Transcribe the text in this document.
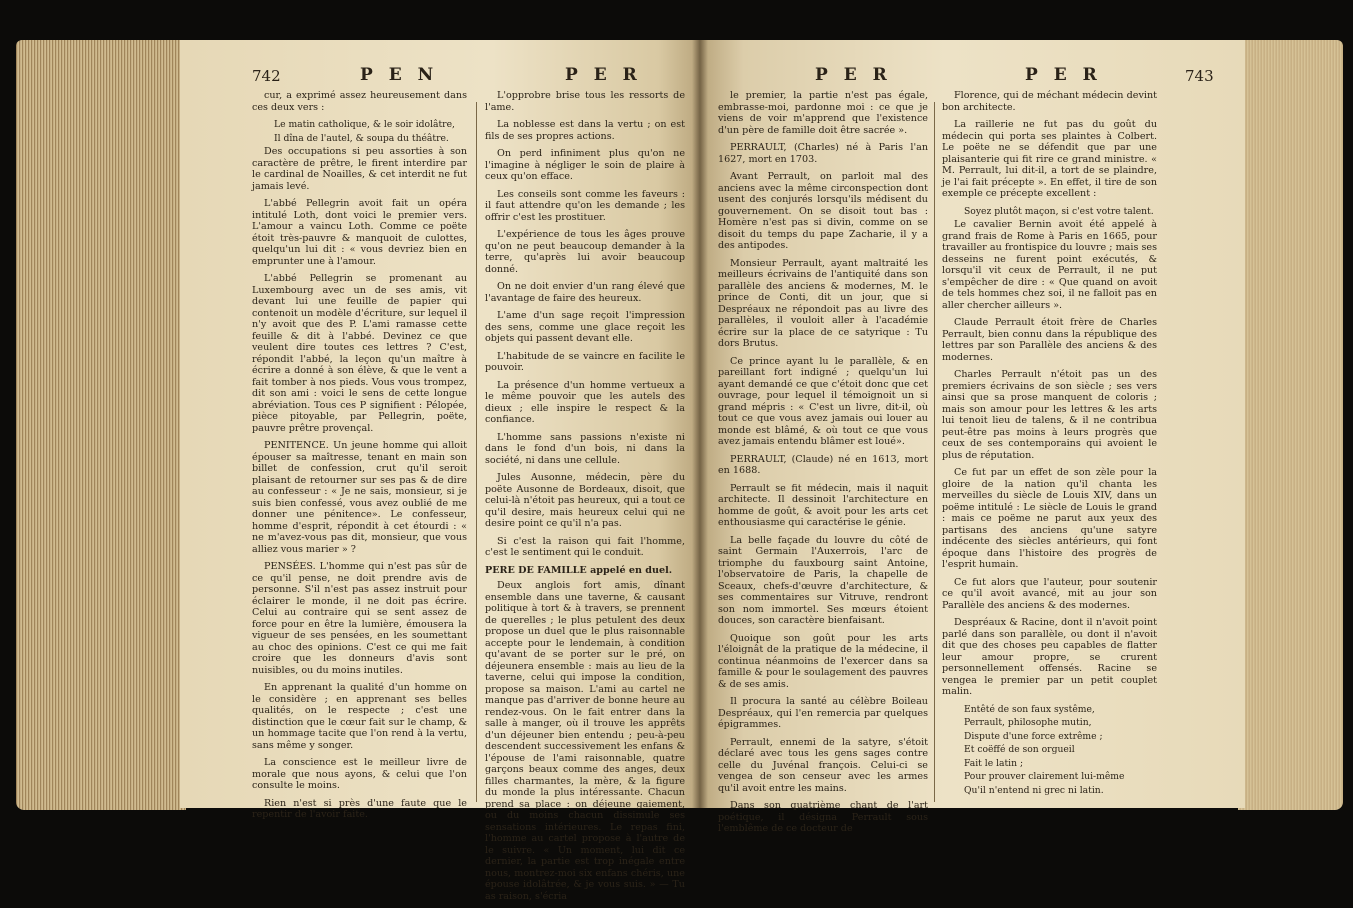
742	P E N	P E R

cur, a exprimé assez heureusement dans ces deux vers :

Le matin catholique, & le soir idolâtre,

Il dîna de l'autel, & soupa du théâtre.

Des occupations si peu assorties à son caractère de prêtre, le firent interdire par le cardinal de Noailles, & cet interdit ne fut jamais levé.

L'abbé Pellegrin avoit fait un opéra intitulé Loth, dont voici le premier vers. L'amour a vaincu Loth. Comme ce poëte étoit très-pauvre & manquoit de culottes, quelqu'un lui dit : « vous devriez bien en emprunter une à l'amour.

L'abbé Pellegrin se promenant au Luxembourg avec un de ses amis, vit devant lui une feuille de papier qui contenoit un modèle d'écriture, sur lequel il n'y avoit que des P. L'ami ramasse cette feuille & dit à l'abbé. Devinez ce que veulent dire toutes ces lettres ? C'est, répondit l'abbé, la leçon qu'un maître à écrire a donné à son élève, & que le vent a fait tomber à nos pieds. Vous vous trompez, dit son ami : voici le sens de cette longue abréviation. Tous ces P signifient : Pélopée, pièce pitoyable, par Pellegrin, poëte, pauvre prêtre provençal.

PENITENCE. Un jeune homme qui alloit épouser sa maîtresse, tenant en main son billet de confession, crut qu'il seroit plaisant de retourner sur ses pas & de dire au confesseur : « Je ne sais, monsieur, si je suis bien confessé, vous avez oublié de me donner une pénitence». Le confesseur, homme d'esprit, répondit à cet étourdi : « ne m'avez-vous pas dit, monsieur, que vous alliez vous marier » ?

PENSÉES. L'homme qui n'est pas sûr de ce qu'il pense, ne doit prendre avis de personne. S'il n'est pas assez instruit pour éclairer le monde, il ne doit pas écrire. Celui au contraire qui se sent assez de force pour en être la lumière, émousera la vigueur de ses pensées, en les soumettant au choc des opinions. C'est ce qui me fait croire que les donneurs d'avis sont nuisibles, ou du moins inutiles.

En apprenant la qualité d'un homme on le considère ; en apprenant ses belles qualités, on le respecte ; c'est une distinction que le cœur fait sur le champ, & un hommage tacite que l'on rend à la vertu, sans même y songer.

La conscience est le meilleur livre de morale que nous ayons, & celui que l'on consulte le moins.

Rien n'est si près d'une faute que le repentir de l'avoir faite.

L'opprobre brise tous les ressorts de l'ame.

La noblesse est dans la vertu ; on est fils de ses propres actions.

On perd infiniment plus qu'on ne l'imagine à négliger le soin de plaire à ceux qu'on efface.

Les conseils sont comme les faveurs : il faut attendre qu'on les demande ; les offrir c'est les prostituer.

L'expérience de tous les âges prouve qu'on ne peut beaucoup demander à la terre, qu'après lui avoir beaucoup donné.

On ne doit envier d'un rang élevé que l'avantage de faire des heureux.

L'ame d'un sage reçoit l'impression des sens, comme une glace reçoit les objets qui passent devant elle.

L'habitude de se vaincre en facilite le pouvoir.

La présence d'un homme vertueux a le même pouvoir que les autels des dieux ; elle inspire le respect & la confiance.

L'homme sans passions n'existe ni dans le fond d'un bois, ni dans la société, ni dans une cellule.

Jules Ausonne, médecin, père du poëte Ausonne de Bordeaux, disoit, que celui-là n'étoit pas heureux, qui a tout ce qu'il desire, mais heureux celui qui ne desire point ce qu'il n'a pas.

Si c'est la raison qui fait l'homme, c'est le sentiment qui le conduit.

PERE DE FAMILLE appelé en duel.

Deux anglois fort amis, dînant ensemble dans une taverne, & causant politique à tort & à travers, se prennent de querelles ; le plus petulent des deux propose un duel que le plus raisonnable accepte pour le lendemain, à condition qu'avant de se porter sur le pré, on déjeunera ensemble : mais au lieu de la taverne, celui qui impose la condition, propose sa maison. L'ami au cartel ne manque pas d'arriver de bonne heure au rendez-vous. On le fait entrer dans la salle à manger, où il trouve les apprêts d'un déjeuner bien entendu ; peu-à-peu descendent successivement les enfans & l'épouse de l'ami raisonnable, quatre garçons beaux comme des anges, deux filles charmantes, la mère, & la figure du monde la plus intéressante. Chacun prend sa place : on déjeune gaiement, ou du moins chacun dissimule ses sensations intérieures. Le repas fini, l'homme au cartel propose à l'autre de le suivre. « Un moment, lui dit ce dernier, la partie est trop inégale entre nous, montrez-moi six enfans chéris, une épouse idolâtrée, & je vous suis. » — Tu as raison, s'écria

P E R	P E R	743

le premier, la partie n'est pas égale, embrasse-moi, pardonne moi : ce que je viens de voir m'apprend que l'existence d'un père de famille doit être sacrée ».

PERRAULT, (Charles) né à Paris l'an 1627, mort en 1703.

Avant Perrault, on parloit mal des anciens avec la même circonspection dont usent des conjurés lorsqu'ils médisent du gouvernement. On se disoit tout bas : Homère n'est pas si divin, comme on se disoit du temps du pape Zacharie, il y a des antipodes.

Monsieur Perrault, ayant maltraité les meilleurs écrivains de l'antiquité dans son parallèle des anciens & modernes, M. le prince de Conti, dit un jour, que si Despréaux ne répondoit pas au livre des parallèles, il vouloit aller à l'académie écrire sur la place de ce satyrique : Tu dors Brutus.

Ce prince ayant lu le parallèle, & en pareillant fort indigné ; quelqu'un lui ayant demandé ce que c'étoit donc que cet ouvrage, pour lequel il témoignoit un si grand mépris : « C'est un livre, dit-il, où tout ce que vous avez jamais oui louer au monde est blâmé, & où tout ce que vous avez jamais entendu blâmer est loué».

PERRAULT, (Claude) né en 1613, mort en 1688.

Perrault se fit médecin, mais il naquit architecte. Il dessinoit l'architecture en homme de goût, & avoit pour les arts cet enthousiasme qui caractérise le génie.

La belle façade du louvre du côté de saint Germain l'Auxerrois, l'arc de triomphe du fauxbourg saint Antoine, l'observatoire de Paris, la chapelle de Sceaux, chefs-d'œuvre d'architecture, & ses commentaires sur Vitruve, rendront son nom immortel. Ses mœurs étoient douces, son caractère bienfaisant.

Quoique son goût pour les arts l'éloignât de la pratique de la médecine, il continua néanmoins de l'exercer dans sa famille & pour le soulagement des pauvres & de ses amis.

Il procura la santé au célèbre Boileau Despréaux, qui l'en remercia par quelques épigrammes.

Perrault, ennemi de la satyre, s'étoit déclaré avec tous les gens sages contre celle du Juvénal françois. Celui-ci se vengea de son censeur avec les armes qu'il avoit entre les mains.

Dans son quatrième chant de l'art poétique, il désigna Perrault sous l'emblême de ce docteur de

Florence, qui de méchant médecin devint bon architecte.

La raillerie ne fut pas du goût du médecin qui porta ses plaintes à Colbert. Le poëte ne se défendit que par une plaisanterie qui fit rire ce grand ministre. « M. Perrault, lui dit-il, a tort de se plaindre, je l'ai fait précepte ». En effet, il tire de son exemple ce précepte excellent :

Soyez plutôt maçon, si c'est votre talent.

Le cavalier Bernin avoit été appelé à grand frais de Rome à Paris en 1665, pour travailler au frontispice du louvre ; mais ses desseins ne furent point exécutés, & lorsqu'il vit ceux de Perrault, il ne put s'empêcher de dire : « Que quand on avoit de tels hommes chez soi, il ne falloit pas en aller chercher ailleurs ».

Claude Perrault étoit frère de Charles Perrault, bien connu dans la république des lettres par son Parallèle des anciens & des modernes.

Charles Perrault n'étoit pas un des premiers écrivains de son siècle ; ses vers ainsi que sa prose manquent de coloris ; mais son amour pour les lettres & les arts lui tenoit lieu de talens, & il ne contribua peut-être pas moins à leurs progrès que ceux de ses contemporains qui avoient le plus de réputation.

Ce fut par un effet de son zèle pour la gloire de la nation qu'il chanta les merveilles du siècle de Louis XIV, dans un poëme intitulé : Le siècle de Louis le grand : mais ce poëme ne parut aux yeux des partisans des anciens qu'une satyre indécente des siècles antérieurs, qui font époque dans l'histoire des progrès de l'esprit humain.

Ce fut alors que l'auteur, pour soutenir ce qu'il avoit avancé, mit au jour son Parallèle des anciens & des modernes.

Despréaux & Racine, dont il n'avoit point parlé dans son parallèle, ou dont il n'avoit dit que des choses peu capables de flatter leur amour propre, se crurent personnellement offensés. Racine se vengea le premier par un petit couplet malin.

Entêté de son faux systême,

Perrault, philosophe mutin,

Dispute d'une force extrême ;

Et coëffé de son orgueil

Fait le latin ;

Pour prouver clairement lui-même

Qu'il n'entend ni grec ni latin.
